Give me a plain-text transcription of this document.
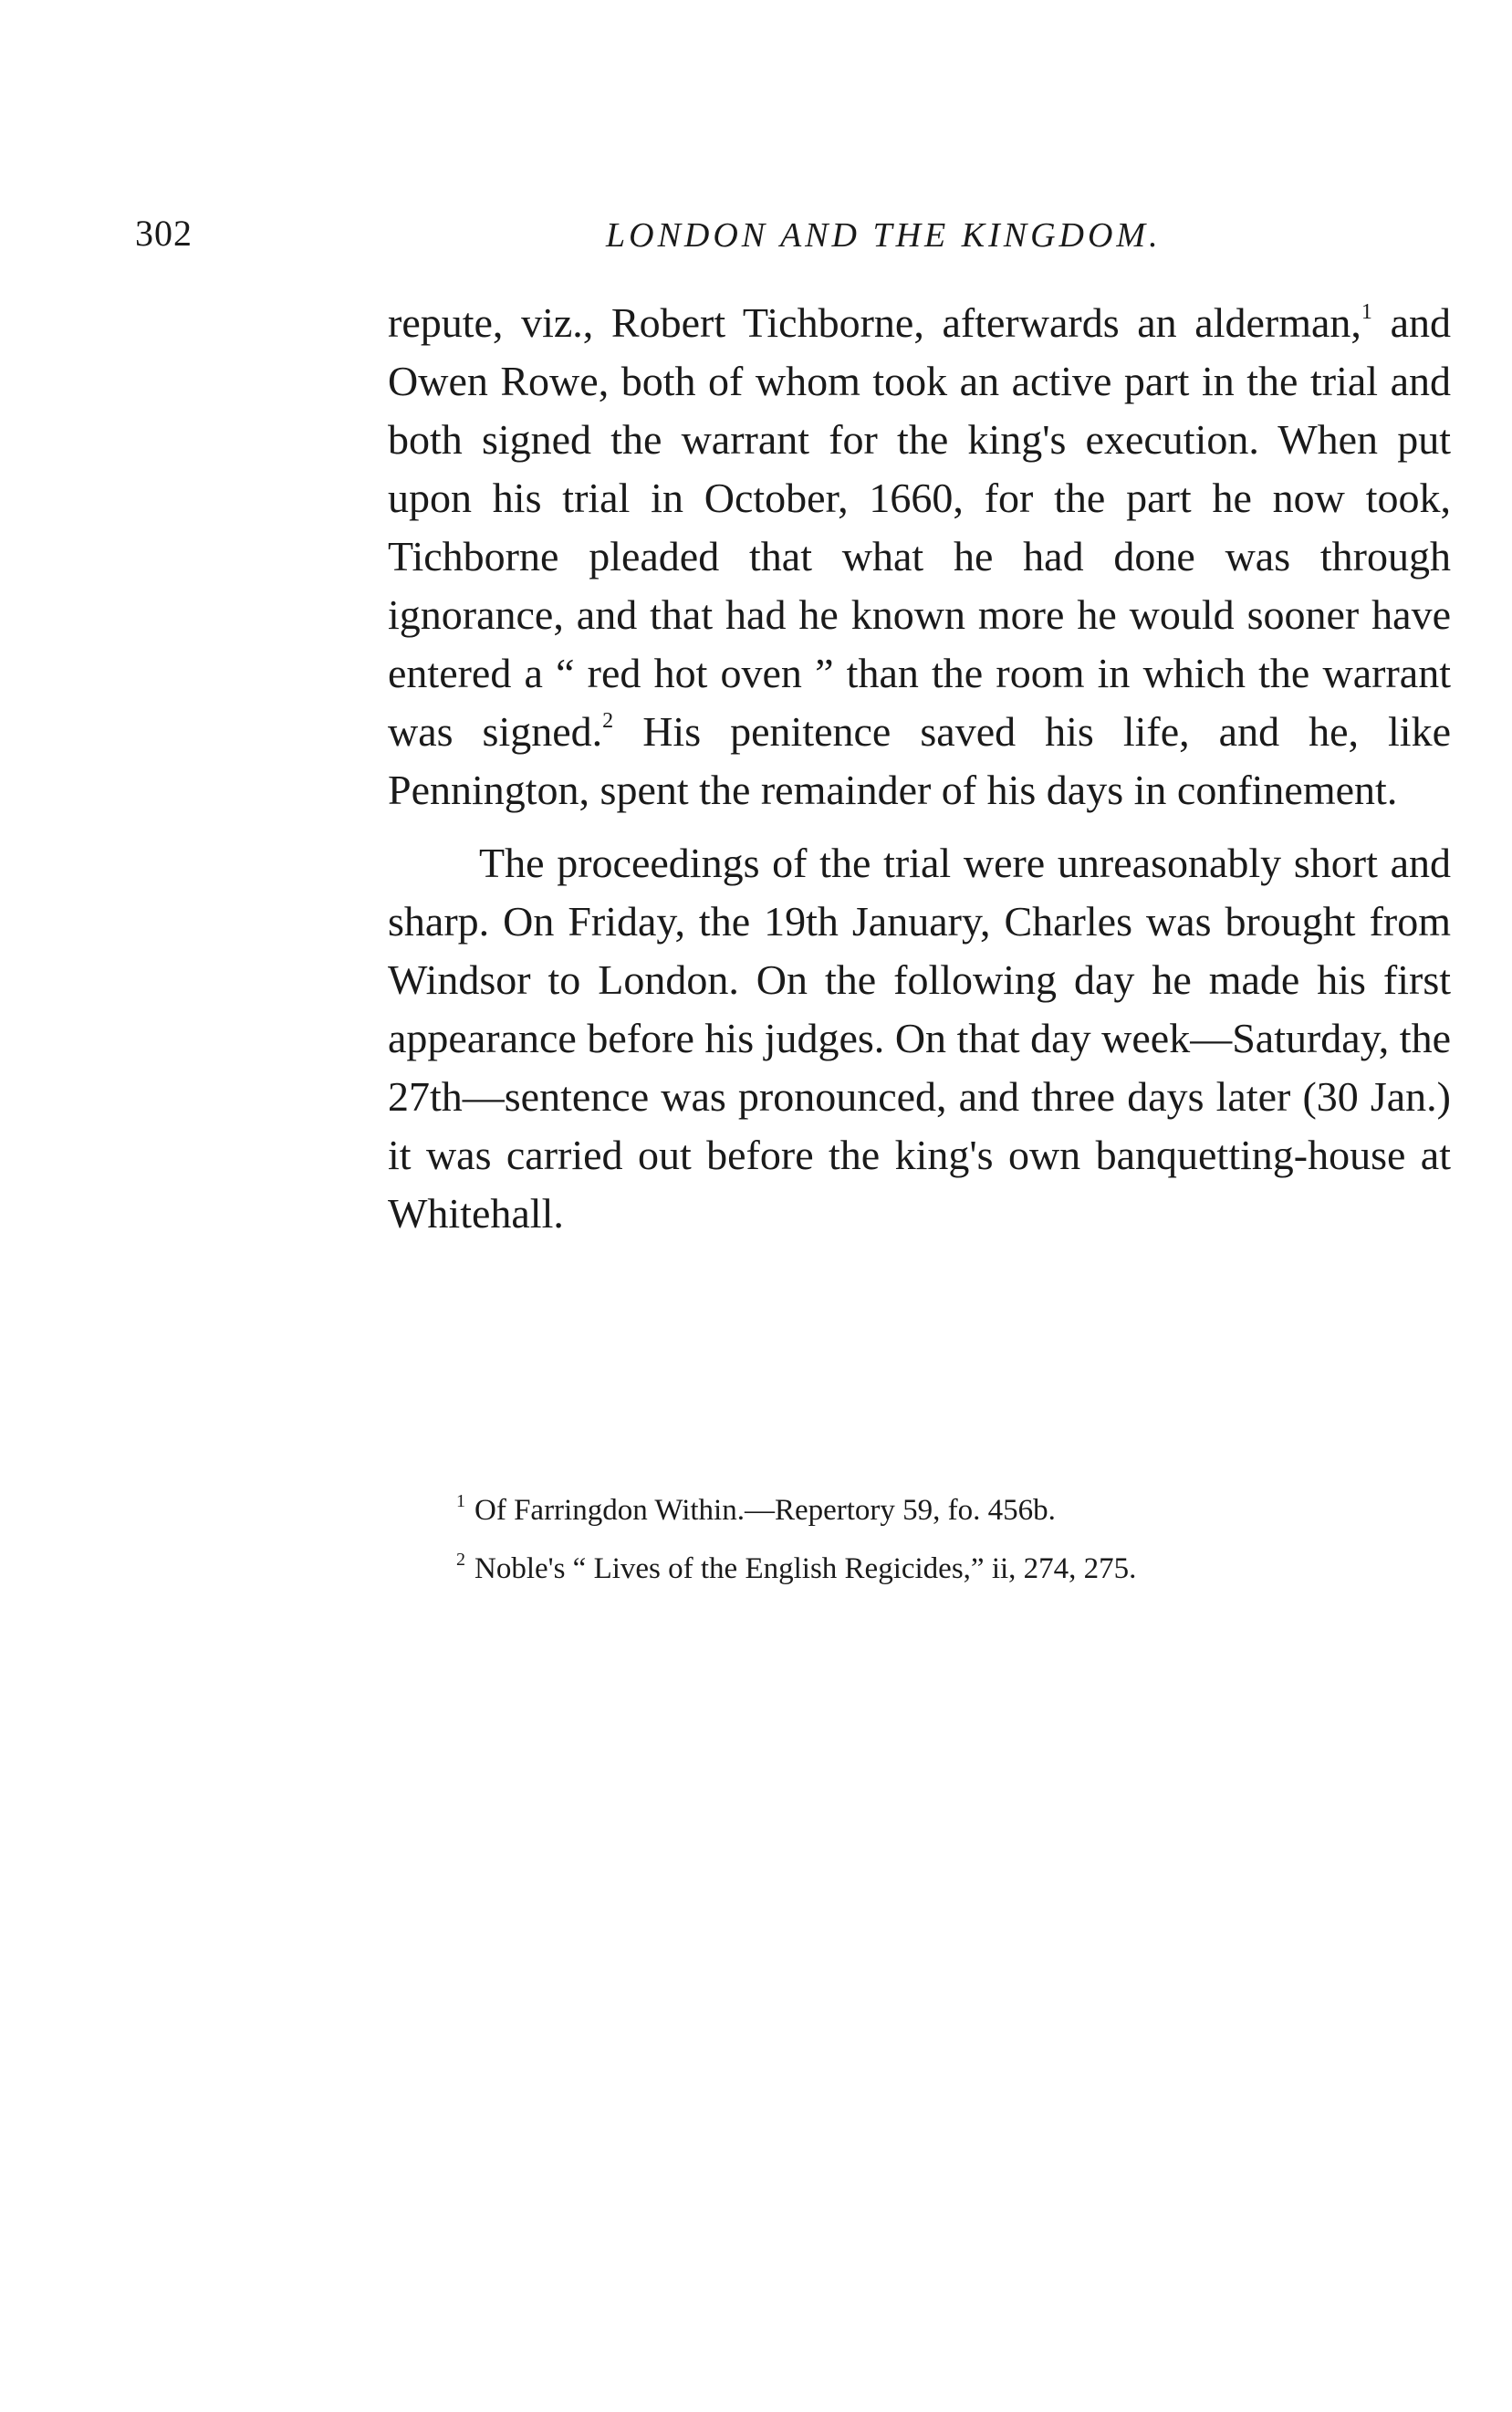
302	LONDON AND THE KINGDOM.

repute, viz., Robert Tichborne, afterwards an alderman,$^1$ and Owen Rowe, both of whom took an active part in the trial and both signed the warrant for the king's execution. When put upon his trial in October, 1660, for the part he now took, Tichborne pleaded that what he had done was through ignorance, and that had he known more he would sooner have entered a “ red hot oven ” than the room in which the warrant was signed.$^2$ His penitence saved his life, and he, like Pennington, spent the remainder of his days in confinement.

The proceedings of the trial were unreasonably short and sharp. On Friday, the 19th January, Charles was brought from Windsor to London. On the following day he made his first appearance before his judges. On that day week—Saturday, the 27th—sentence was pronounced, and three days later (30 Jan.) it was carried out before the king's own banquetting-house at Whitehall.

$^1$ Of Farringdon Within.—Repertory 59, fo. 456b.

$^2$ Noble's “ Lives of the English Regicides,” ii, 274, 275.
